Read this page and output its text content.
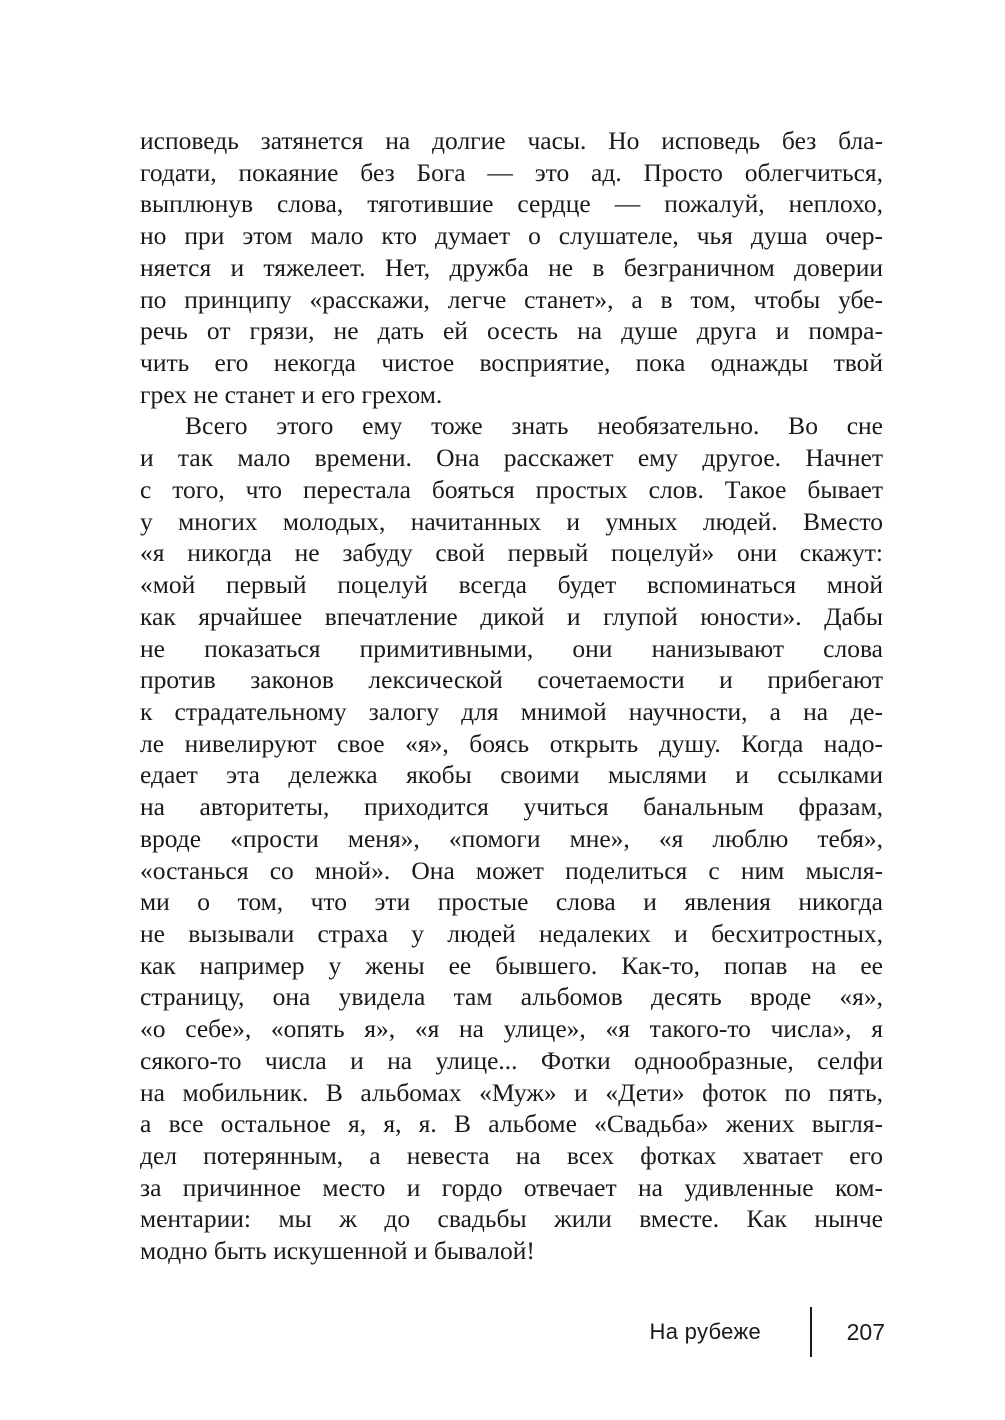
исповедь затянется на долгие часы. Но исповедь без бла-
годати, покаяние без Бога — это ад. Просто облегчиться,
выплюнув слова, тяготившие сердце — пожалуй, неплохо,
но при этом мало кто думает о слушателе, чья душа очер-
няется и тяжелеет. Нет, дружба не в безграничном доверии
по принципу «расскажи, легче станет», а в том, чтобы убе-
речь от грязи, не дать ей осесть на душе друга и помра-
чить его некогда чистое восприятие, пока однажды твой
грех не станет и его грехом.
Всего этого ему тоже знать необязательно. Во сне
и так мало времени. Она расскажет ему другое. Начнет
с того, что перестала бояться простых слов. Такое бывает
у многих молодых, начитанных и умных людей. Вместо
«я никогда не забуду свой первый поцелуй» они скажут:
«мой первый поцелуй всегда будет вспоминаться мной
как ярчайшее впечатление дикой и глупой юности». Дабы
не показаться примитивными, они нанизывают слова
против законов лексической сочетаемости и прибегают
к страдательному залогу для мнимой научности, а на де-
ле нивелируют свое «я», боясь открыть душу. Когда надо-
едает эта дележка якобы своими мыслями и ссылками
на авторитеты, приходится учиться банальным фразам,
вроде «прости меня», «помоги мне», «я люблю тебя»,
«останься со мной». Она может поделиться с ним мысля-
ми о том, что эти простые слова и явления никогда
не вызывали страха у людей недалеких и бесхитростных,
как например у жены ее бывшего. Как-то, попав на ее
страницу, она увидела там альбомов десять вроде «я»,
«о себе», «опять я», «я на улице», «я такого-то числа», я
сякого-то числа и на улице... Фотки однообразные, селфи
на мобильник. В альбомах «Муж» и «Дети» фоток по пять,
а все остальное я, я, я. В альбоме «Свадьба» жених выгля-
дел потерянным, а невеста на всех фотках хватает его
за причинное место и гордо отвечает на удивленные ком-
ментарии: мы ж до свадьбы жили вместе. Как нынче
модно быть искушенной и бывалой!
На рубеже	207
